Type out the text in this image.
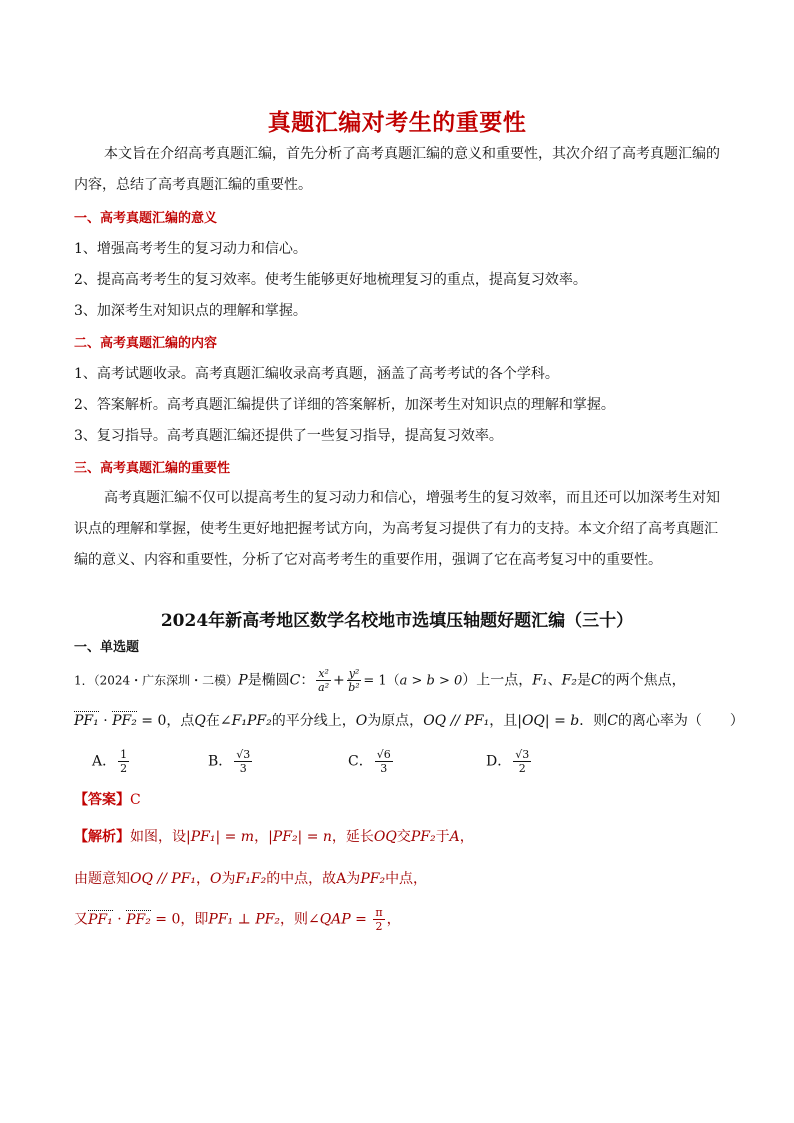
真题汇编对考生的重要性
本文旨在介绍高考真题汇编，首先分析了高考真题汇编的意义和重要性，其次介绍了高考真题汇编的
内容，总结了高考真题汇编的重要性。
一、高考真题汇编的意义
1、增强高考考生的复习动力和信心。
2、提高高考考生的复习效率。使考生能够更好地梳理复习的重点，提高复习效率。
3、加深考生对知识点的理解和掌握。
二、高考真题汇编的内容
1、高考试题收录。高考真题汇编收录高考真题，涵盖了高考考试的各个学科。
2、答案解析。高考真题汇编提供了详细的答案解析，加深考生对知识点的理解和掌握。
3、复习指导。高考真题汇编还提供了一些复习指导，提高复习效率。
三、高考真题汇编的重要性
高考真题汇编不仅可以提高考生的复习动力和信心，增强考生的复习效率，而且还可以加深考生对知
识点的理解和掌握，使考生更好地把握考试方向，为高考复习提供了有力的支持。本文介绍了高考真题汇
编的意义、内容和重要性，分析了它对高考考生的重要作用，强调了它在高考复习中的重要性。
2024年新高考地区数学名校地市选填压轴题好题汇编（三十）
一、单选题
1．（2024・广东深圳・二模）P是椭圆C： $\frac{\text{x²}}{\text{a²}} + \frac{\text{y²}}{\text{b²}} = 1(a > b > 0)$上一点，F₁、F₂是C的两个焦点，
PF₁ · PF₂ = 0，点Q在∠F₁PF₂的平分线上，O为原点，OQ // PF₁，且|OQ| = b．则C的离心率为（　　）
A． $\frac{1}{2}$	B． $\frac{√3}{3}$	C． $\frac{√6}{3}$	D． $\frac{√3}{2}$
【答案】C
【解析】如图，设|PF₁| = m，|PF₂| = n，延长OQ交PF₂于A，
由题意知OQ // PF₁，O为F₁F₂的中点，故A为PF₂中点，
又PF₁ · PF₂ = 0，即PF₁ ⊥ PF₂，则∠QAP = $\frac{\pi}{2}$ ，
